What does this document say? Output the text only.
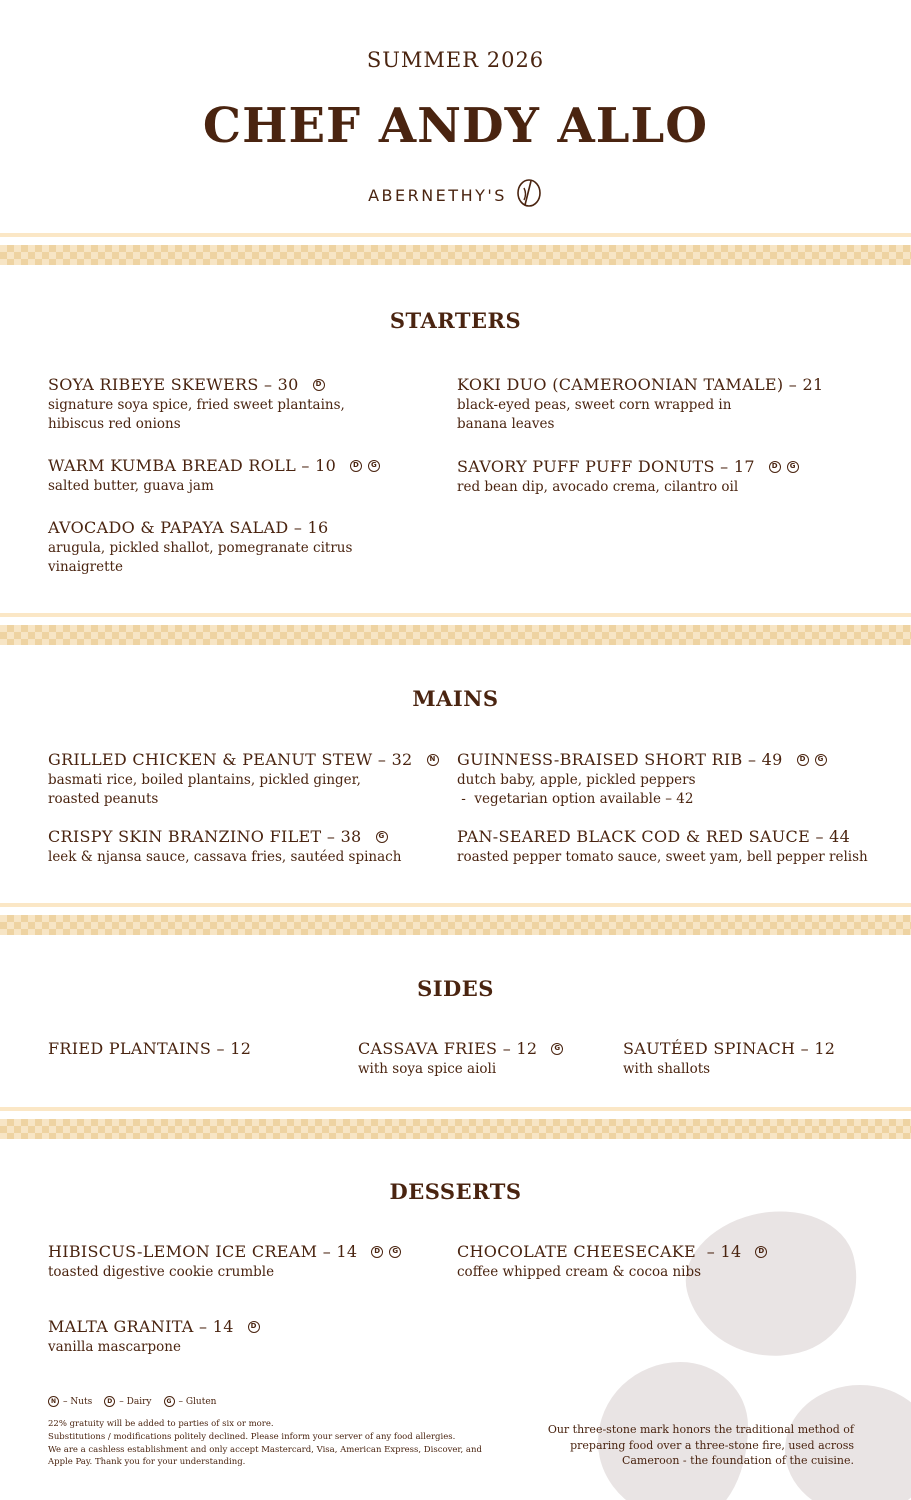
SUMMER 2026
CHEF ANDY ALLO
ABERNETHY'S
STARTERS
SOYA RIBEYE SKEWERS – 30	D
signature soya spice, fried sweet plantains,
hibiscus red onions
KOKI DUO (CAMEROONIAN TAMALE) – 21
black-eyed peas, sweet corn wrapped in
banana leaves
WARM KUMBA BREAD ROLL – 10	D	G
salted butter, guava jam
SAVORY PUFF PUFF DONUTS – 17	D	G
red bean dip, avocado crema, cilantro oil
AVOCADO & PAPAYA SALAD – 16
arugula, pickled shallot, pomegranate citrus
vinaigrette
MAINS
GRILLED CHICKEN & PEANUT STEW – 32	N
basmati rice, boiled plantains, pickled ginger,
roasted peanuts
GUINNESS-BRAISED SHORT RIB – 49	D	G
dutch baby, apple, pickled peppers
-  vegetarian option available – 42
CRISPY SKIN BRANZINO FILET – 38	G
leek & njansa sauce, cassava fries, sautéed spinach
PAN-SEARED BLACK COD & RED SAUCE – 44
roasted pepper tomato sauce, sweet yam, bell pepper relish
SIDES
FRIED PLANTAINS – 12	CASSAVA FRIES – 12	G
with soya spice aioli
SAUTÉED SPINACH – 12
with shallots
DESSERTS
HIBISCUS-LEMON ICE CREAM – 14	D	G
toasted digestive cookie crumble
CHOCOLATE CHEESECAKE  – 14	D
coffee whipped cream & cocoa nibs
MALTA GRANITA – 14	D
vanilla mascarpone
N – Nuts	D – Dairy	G – Gluten
22% gratuity will be added to parties of six or more.
Substitutions / modifications politely declined. Please inform your server of any food allergies.
We are a cashless establishment and only accept Mastercard, Visa, American Express, Discover, and
Apple Pay. Thank you for your understanding.
Our three-stone mark honors the traditional method of
preparing food over a three-stone fire, used across
Cameroon - the foundation of the cuisine.
